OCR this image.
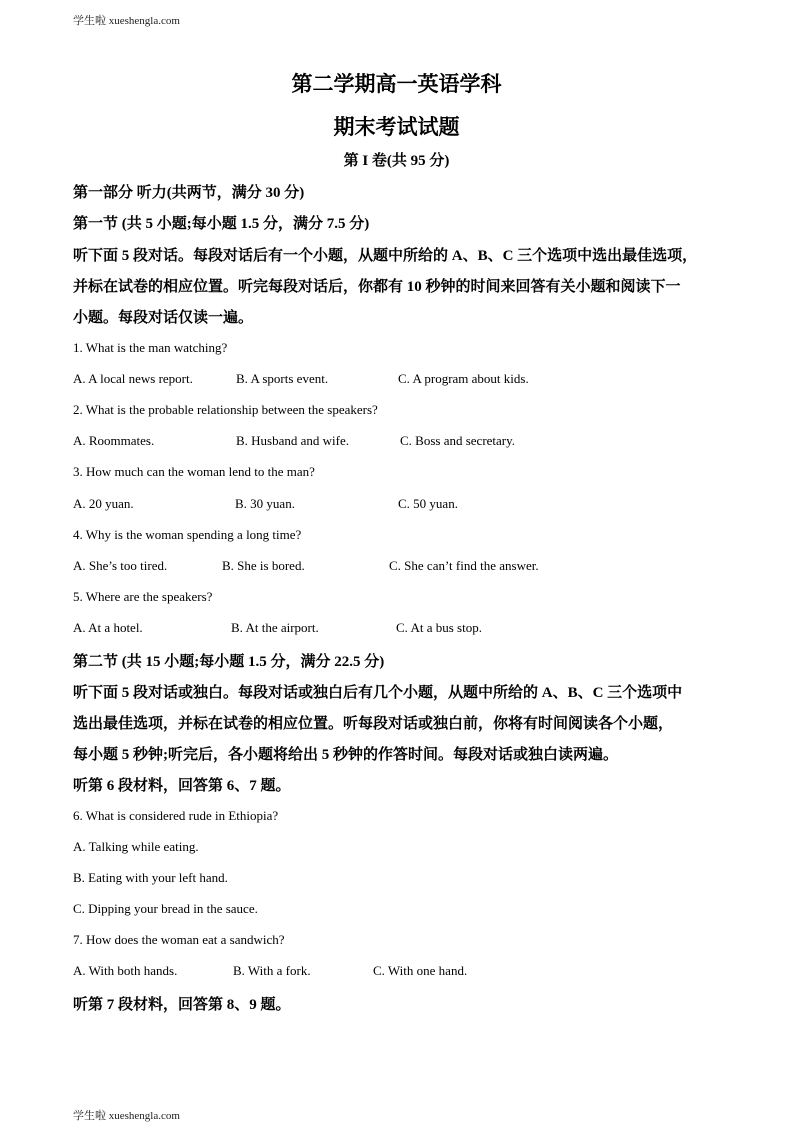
学生啦 xueshengla.com
第二学期高一英语学科
期末考试试题
第 I 卷(共 95 分)
第一部分 听力(共两节，满分 30 分)
第一节 (共 5 小题;每小题 1.5 分，满分 7.5 分)
听下面 5 段对话。每段对话后有一个小题，从题中所给的 A、B、C 三个选项中选出最佳选项，
并标在试卷的相应位置。听完每段对话后，你都有 10 秒钟的时间来回答有关小题和阅读下一
小题。每段对话仅读一遍。
1. What is the man watching?
A. A local news report.	B. A sports event.	C. A program about kids.
2. What is the probable relationship between the speakers?
A. Roommates.	B. Husband and wife.	C. Boss and secretary.
3. How much can the woman lend to the man?
A. 20 yuan.	B. 30 yuan.	C. 50 yuan.
4. Why is the woman spending a long time?
A. She’s too tired.	B. She is bored.	C. She can’t find the answer.
5. Where are the speakers?
A. At a hotel.	B. At the airport.	C. At a bus stop.
第二节 (共 15 小题;每小题 1.5 分，满分 22.5 分)
听下面 5 段对话或独白。每段对话或独白后有几个小题，从题中所给的 A、B、C 三个选项中
选出最佳选项，并标在试卷的相应位置。听每段对话或独白前，你将有时间阅读各个小题，
每小题 5 秒钟;听完后，各小题将给出 5 秒钟的作答时间。每段对话或独白读两遍。
听第 6 段材料，回答第 6、7 题。
6. What is considered rude in Ethiopia?
A. Talking while eating.
B. Eating with your left hand.
C. Dipping your bread in the sauce.
7. How does the woman eat a sandwich?
A. With both hands.	B. With a fork.	C. With one hand.
听第 7 段材料，回答第 8、9 题。
学生啦 xueshengla.com
